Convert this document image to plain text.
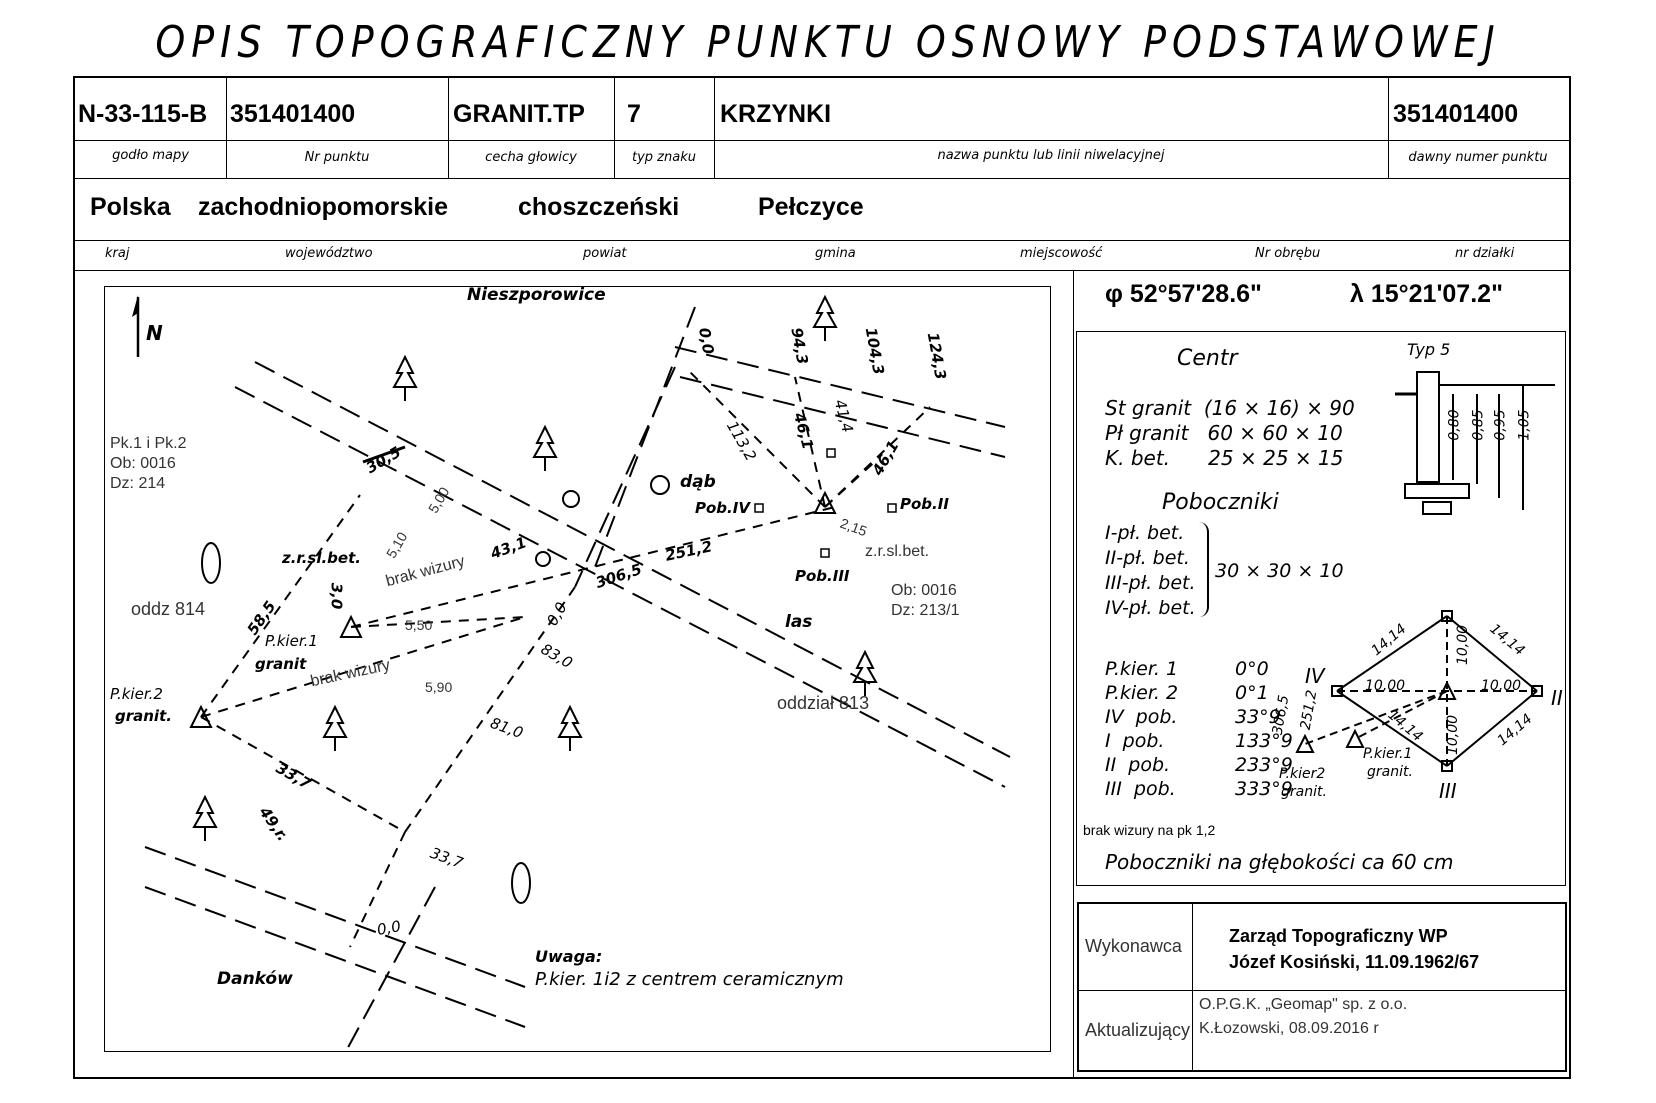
OPIS TOPOGRAFICZNY PUNKTU OSNOWY PODSTAWOWEJ
N-33-115-B 351401400	GRANIT.TP 7	KRZYNKI	351401400
godło mapy	Nr punktu	cecha głowicy	typ znaku	nazwa punktu lub linii niwelacyjnej	dawny numer punktu
Polska zachodniopomorskie	choszczeński	Pełczyce
kraj	województwo	powiat	gmina	miejscowość	Nr obrębu	nr działki
φ 52°57'28.6"	λ 15°21'07.2"
N
Nieszporowice
Danków
Pk.1 i Pk.2
Ob: 0016
Dz: 214
oddz 814
Ob: 0016
Dz: 213/1
oddział 813
las
dąb
z.r.sl.bet.	z.r.sl.bet.
P.kier.1
granit
P.kier.2
granit.
Pob.II
Pob.III
Pob.IV
brak wizury
brak wizury
Uwaga:
P.kier. 1i2 z centrem ceramicznym
30,5
5,00
5,10
3,0
58,5	5,50
5,90
43,1
306,5
251,2
0,0
83,0
81,0
33,7
33,7
49,r.
0,0
0,0	94,3	104,3 124,3
113,2 46,1 41,4
46,1
2,15
Centr	Typ 5
St granit  (16 × 16) × 90
Pł granit   60 × 60 × 10
K. bet.      25 × 25 × 15
0,80 0,85 0,95 1,05
Poboczniki
I-pł. bet.
II-pł. bet.
III-pł. bet.
IV-pł. bet.
30 × 30 × 10
P.kier. 1	0°0
P.kier. 2	0°1
IV  pob.	33°9
I  pob.	133°9
II  pob.	233°9
III  pob.	333°9
IV
II
III
14,14	10,00 14,14
10,00	10,00
14,14 10,00 14,14
306,5 251,2
P.kier.1
granit.
P.kier2
granit.
brak wizury na pk 1,2
Poboczniki na głębokości ca 60 cm
Wykonawca	Zarząd Topograficzny WP
Józef Kosiński, 11.09.1962/67
Aktualizujący
O.P.G.K. „Geomap" sp. z o.o.
K.Łozowski, 08.09.2016 r
